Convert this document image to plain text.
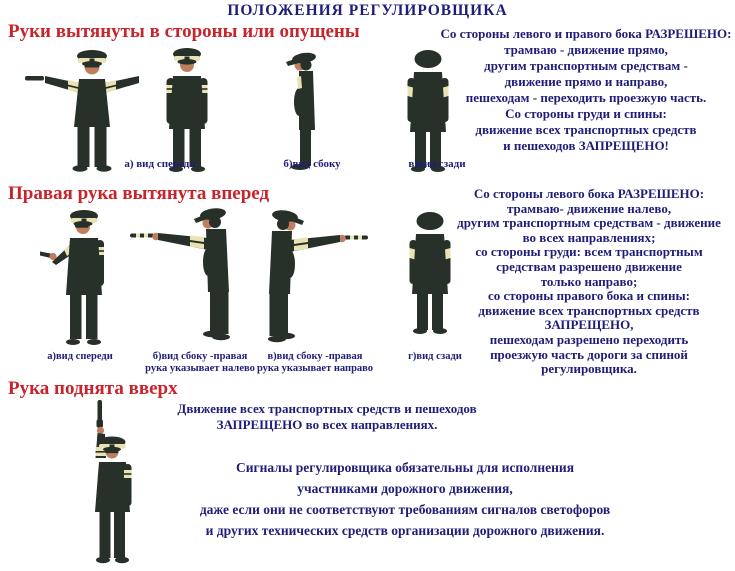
ПОЛОЖЕНИЯ РЕГУЛИРОВЩИКА
Руки вытянуты в стороны или опущены
а) вид спереди	б)вид сбоку	в)вид сзади
Со стороны левого и правого бока РАЗРЕШЕНО:
трамваю - движение прямо,
другим транспортным средствам -
движение прямо и направо,
пешеходам - переходить проезжую часть.
Со стороны груди и спины:
движение всех транспортных средств
и пешеходов ЗАПРЕЩЕНО!
Правая рука вытянута вперед
а)вид спереди	б)вид сбоку -правая
рука указывает налево
в)вид сбоку -правая
рука указывает направо
г)вид сзади
Со стороны левого бока РАЗРЕШЕНО:
трамваю- движение налево,
другим транспортным средствам - движение
во всех направлениях;
со стороны груди: всем транспортным
средствам разрешено движение
только направо;
со стороны правого бока и спины:
движение всех транспортных средств
ЗАПРЕЩЕНО,
пешеходам разрешено переходить
проезжую часть дороги за спиной
регулировщика.
Рука поднята вверх
Движение всех транспортных средств и пешеходов
ЗАПРЕЩЕНО во всех направлениях.
Сигналы регулировщика обязательны для исполнения
участниками дорожного движения,
даже если они не соответствуют требованиям сигналов светофоров
и других технических средств организации дорожного движения.
